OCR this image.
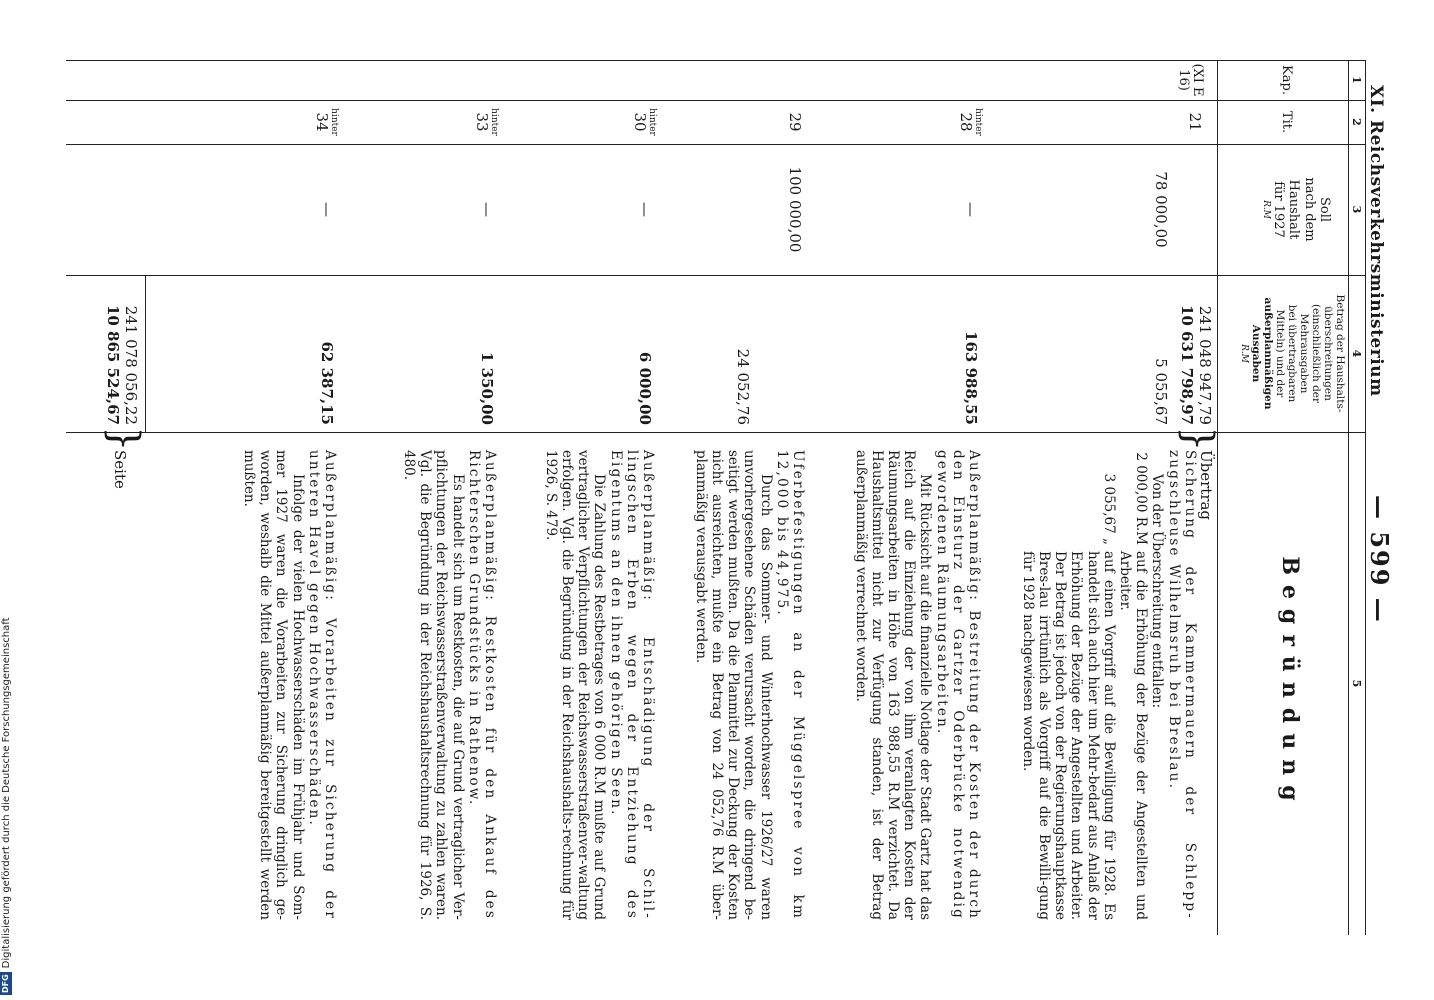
XI. Reichsverkehrsministerium
— 599 —
1
2
3
4
5
Kap.
Tit.
Soll
nach dem
Haushalt
für 1927
R.M
Betrag der Haushalts-
überschreitungen
(einschließlich der
Mehrausgaben
bei übertragbaren
Mitteln) und der
außerplanmäßigen
Ausgaben
R.M
Begründung
(XI E 16)
21
78 000,00
241 048 947,79
10 631 798,97
5 055,67
}

Übertrag

Sicherung der Kammermauern der Schlepp-zugschleuse Wilhelmsruh bei Breslau.

Von der Überschreitung entfallen:

2 000,00 R.M
auf die Erhöhung der Bezüge der Angestellten und Arbeiter.
3 055,67 „
auf einen Vorgriff auf die Bewilligung für 1928. Es handelt sich auch hier um Mehr-bedarf aus Anlaß der Erhöhung der Bezüge der Angestellten und Arbeiter. Der Betrag ist jedoch von der Regierungshauptkasse Bres-lau irrtümlich als Vorgriff auf die Bewilli-gung für 1928 nachgewiesen worden.
hinter
28
—
163 988,55

Außerplanmäßig: Bestreitung der Kosten der durch den Einsturz der Gartzer Oderbrücke notwendig gewordenen Räumungsarbeiten.

Mit Rücksicht auf die finanzielle Notlage der Stadt Gartz hat das Reich auf die Einziehung der von ihm veranlagten Kosten der Räumungsarbeiten in Höhe von 163 988,55 R.M verzichtet. Da Haushaltsmittel nicht zur Verfügung standen, ist der Betrag außerplanmäßig verrechnet worden.

29
100 000,00
24 052,76

Uferbefestigungen an der Müggelspree von km 12,000 bis 44,975.

Durch das Sommer- und Winterhochwasser 1926/27 waren unvorhergesehene Schäden verursacht worden, die dringend be-seitigt werden mußten. Da die Planmittel zur Deckung der Kosten nicht ausreichten, mußte ein Betrag von 24 052,76 R.M über-planmäßig verausgabt werden.

hinter
30
—
6 000,00

Außerplanmäßig: Entschädigung der Schil-lingschen Erben wegen der Entziehung des Eigentums an den ihnen gehörigen Seen.

Die Zahlung des Restbetrages von 6 000 R.M mußte auf Grund vertraglicher Verpflichtungen der Reichswasserstraßenver-waltung erfolgen. Vgl. die Begründung in der Reichshaushalts-rechnung für 1926, S. 479.

hinter
33
—
1 350,00

Außerplanmäßig: Restkosten für den Ankauf des Richterschen Grundstücks in Rathenow.

Es handelt sich um Restkosten, die auf Grund vertraglicher Ver-pflichtungen der Reichswasserstraßenverwaltung zu zahlen waren. Vgl. die Begründung in der Reichshaushaltsrechnung für 1926, S. 480.

hinter
34
—
62 387,15

Außerplanmäßig: Vorarbeiten zur Sicherung der unteren Havel gegen Hochwasserschäden.

Infolge der vielen Hochwasserschäden im Frühjahr und Som-mer 1927 waren die Vorarbeiten zur Sicherung dringlich ge-worden, weshalb die Mittel außerplanmäßig bereitgestellt werden mußten.

241 078 056,22
10 865 524,67
}
Seite
DFGDigitalisierung gefördert durch die Deutsche Forschungsgemeinschaft
